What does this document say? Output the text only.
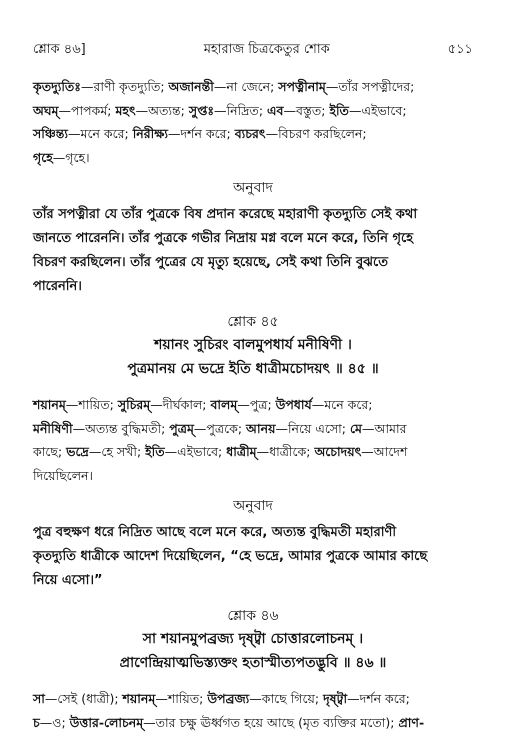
শ্লোক ৪৬]	মহারাজ চিত্রকেতুর শোক	৫১১

কৃতদ্যুতিঃ—রাণী কৃতদ্যুতি; অজানন্তী—না জেনে; সপত্নীনাম্—তাঁর সপত্নীদের;

অঘম্—পাপকর্ম; মহৎ—অত্যন্ত; সুপ্তঃ—নিদ্রিত; এব—বস্তুত; ইতি—এইভাবে;

সঞ্চিন্ত্য—মনে করে; নিরীক্ষ্য—দর্শন করে; ব্যচরৎ—বিচরণ করছিলেন;

গৃহে—গৃহে।

অনুবাদ

তাঁর সপত্নীরা যে তাঁর পুত্রকে বিষ প্রদান করেছে মহারাণী কৃতদ্যুতি সেই কথা

জানতে পারেননি। তাঁর পুত্রকে গভীর নিদ্রায় মগ্ন বলে মনে করে, তিনি গৃহে

বিচরণ করছিলেন। তাঁর পুত্রের যে মৃত্যু হয়েছে, সেই কথা তিনি বুঝতে

পারেননি।

শ্লোক ৪৫

শয়ানং সুচিরং বালমুপধার্য মনীষিণী ।

পুত্রমানয় মে ভদ্রে ইতি ধাত্রীমচোদয়ৎ ॥ ৪৫ ॥

শয়ানম্—শায়িত; সুচিরম্—দীর্ঘকাল; বালম্—পুত্র; উপধার্য—মনে করে;

মনীষিণী—অত্যন্ত বুদ্ধিমতী; পুত্রম্—পুত্রকে; আনয়—নিয়ে এসো; মে—আমার

কাছে; ভদ্রে—হে সখী; ইতি—এইভাবে; ধাত্রীম্—ধাত্রীকে; অচোদয়ৎ—আদেশ

দিয়েছিলেন।

অনুবাদ

পুত্র বহুক্ষণ ধরে নিদ্রিত আছে বলে মনে করে, অত্যন্ত বুদ্ধিমতী মহারাণী

কৃতদ্যুতি ধাত্রীকে আদেশ দিয়েছিলেন, “হে ভদ্রে, আমার পুত্রকে আমার কাছে

নিয়ে এসো।”

শ্লোক ৪৬

সা শয়ানমুপব্রজ্য দৃষ্ট্বা চোত্তারলোচনম্ ।

প্রাণেন্দ্রিয়াত্মভিস্ত্যক্তং হতাস্মীত্যপতদ্ভুবি ॥ ৪৬ ॥

সা—সেই (ধাত্রী); শয়ানম্—শায়িত; উপব্রজ্য—কাছে গিয়ে; দৃষ্ট্বা—দর্শন করে;

চ—ও; উত্তার-লোচনম্—তার চক্ষু ঊর্ধ্বগত হয়ে আছে (মৃত ব্যক্তির মতো); প্রাণ-
